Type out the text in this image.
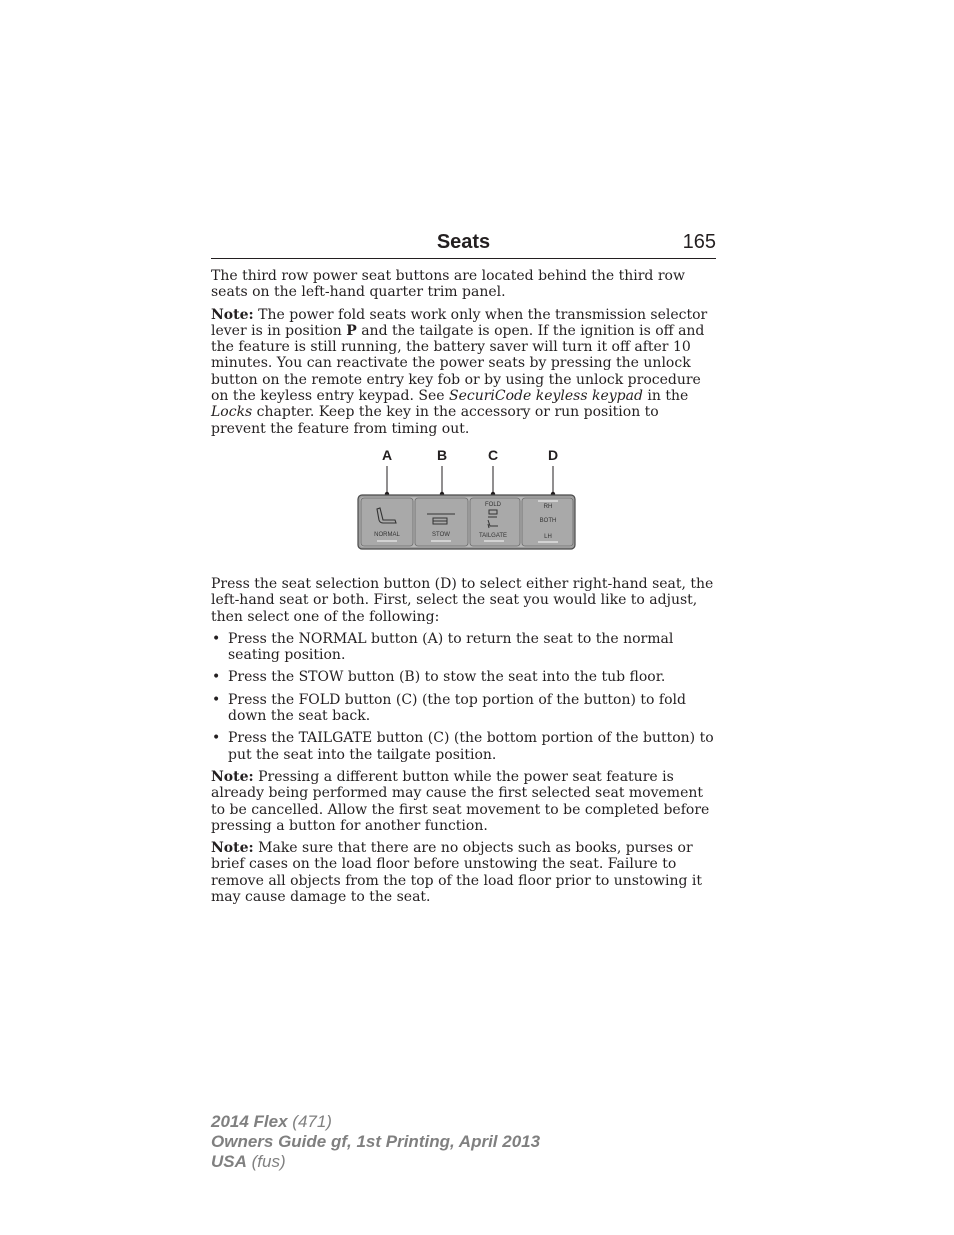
Seats	165

The third row power seat buttons are located behind the third row seats on the left-hand quarter trim panel.

Note: The power fold seats work only when the transmission selector lever is in position P and the tailgate is open. If the ignition is off and the feature is still running, the battery saver will turn it off after 10 minutes. You can reactivate the power seats by pressing the unlock button on the remote entry key fob or by using the unlock procedure on the keyless entry keypad. See SecuriCode keyless keypad in the Locks chapter. Keep the key in the accessory or run position to prevent the feature from timing out.

A	B	C	D
NORMAL	STOW
FOLD
TAILGATE
RH
BOTH
LH

Press the seat selection button (D) to select either right-hand seat, the left-hand seat or both. First, select the seat you would like to adjust, then select one of the following:

• Press the NORMAL button (A) to return the seat to the normal seating position.
• Press the STOW button (B) to stow the seat into the tub floor.
• Press the FOLD button (C) (the top portion of the button) to fold down the seat back.
• Press the TAILGATE button (C) (the bottom portion of the button) to put the seat into the tailgate position.

Note: Pressing a different button while the power seat feature is already being performed may cause the first selected seat movement to be cancelled. Allow the first seat movement to be completed before pressing a button for another function.

Note: Make sure that there are no objects such as books, purses or brief cases on the load floor before unstowing the seat. Failure to remove all objects from the top of the load floor prior to unstowing it may cause damage to the seat.

2014 Flex (471)
Owners Guide gf, 1st Printing, April 2013
USA (fus)
